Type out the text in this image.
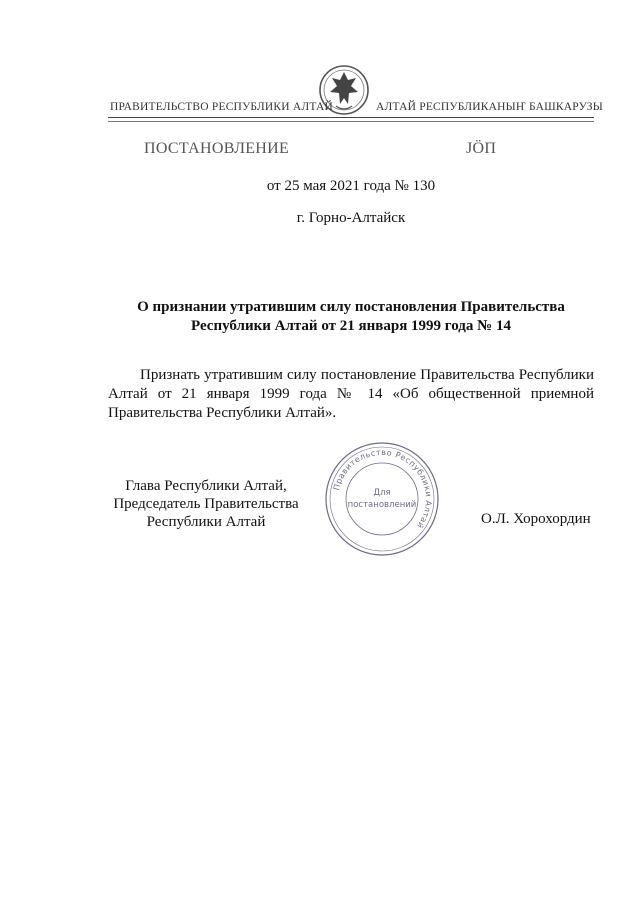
ПРАВИТЕЛЬСТВО РЕСПУБЛИКИ АЛТАЙ	АЛТАЙ РЕСПУБЛИКАНЫҤ БАШКАРУЗЫ
ПОСТАНОВЛЕНИЕ	ЈÖП
от 25 мая 2021 года № 130
г. Горно-Алтайск
О признании утратившим силу постановления Правительства
Республики Алтай от 21 января 1999 года № 14

Признать утратившим силу постановление Правительства Республики Алтай от 21 января 1999 года № 14 «Об общественной приемной Правительства Республики Алтай».

Глава Республики Алтай,
Председатель Правительства
Республики Алтай
Правительство Республики Алтай
Для
постановлений
О.Л. Хорохордин
